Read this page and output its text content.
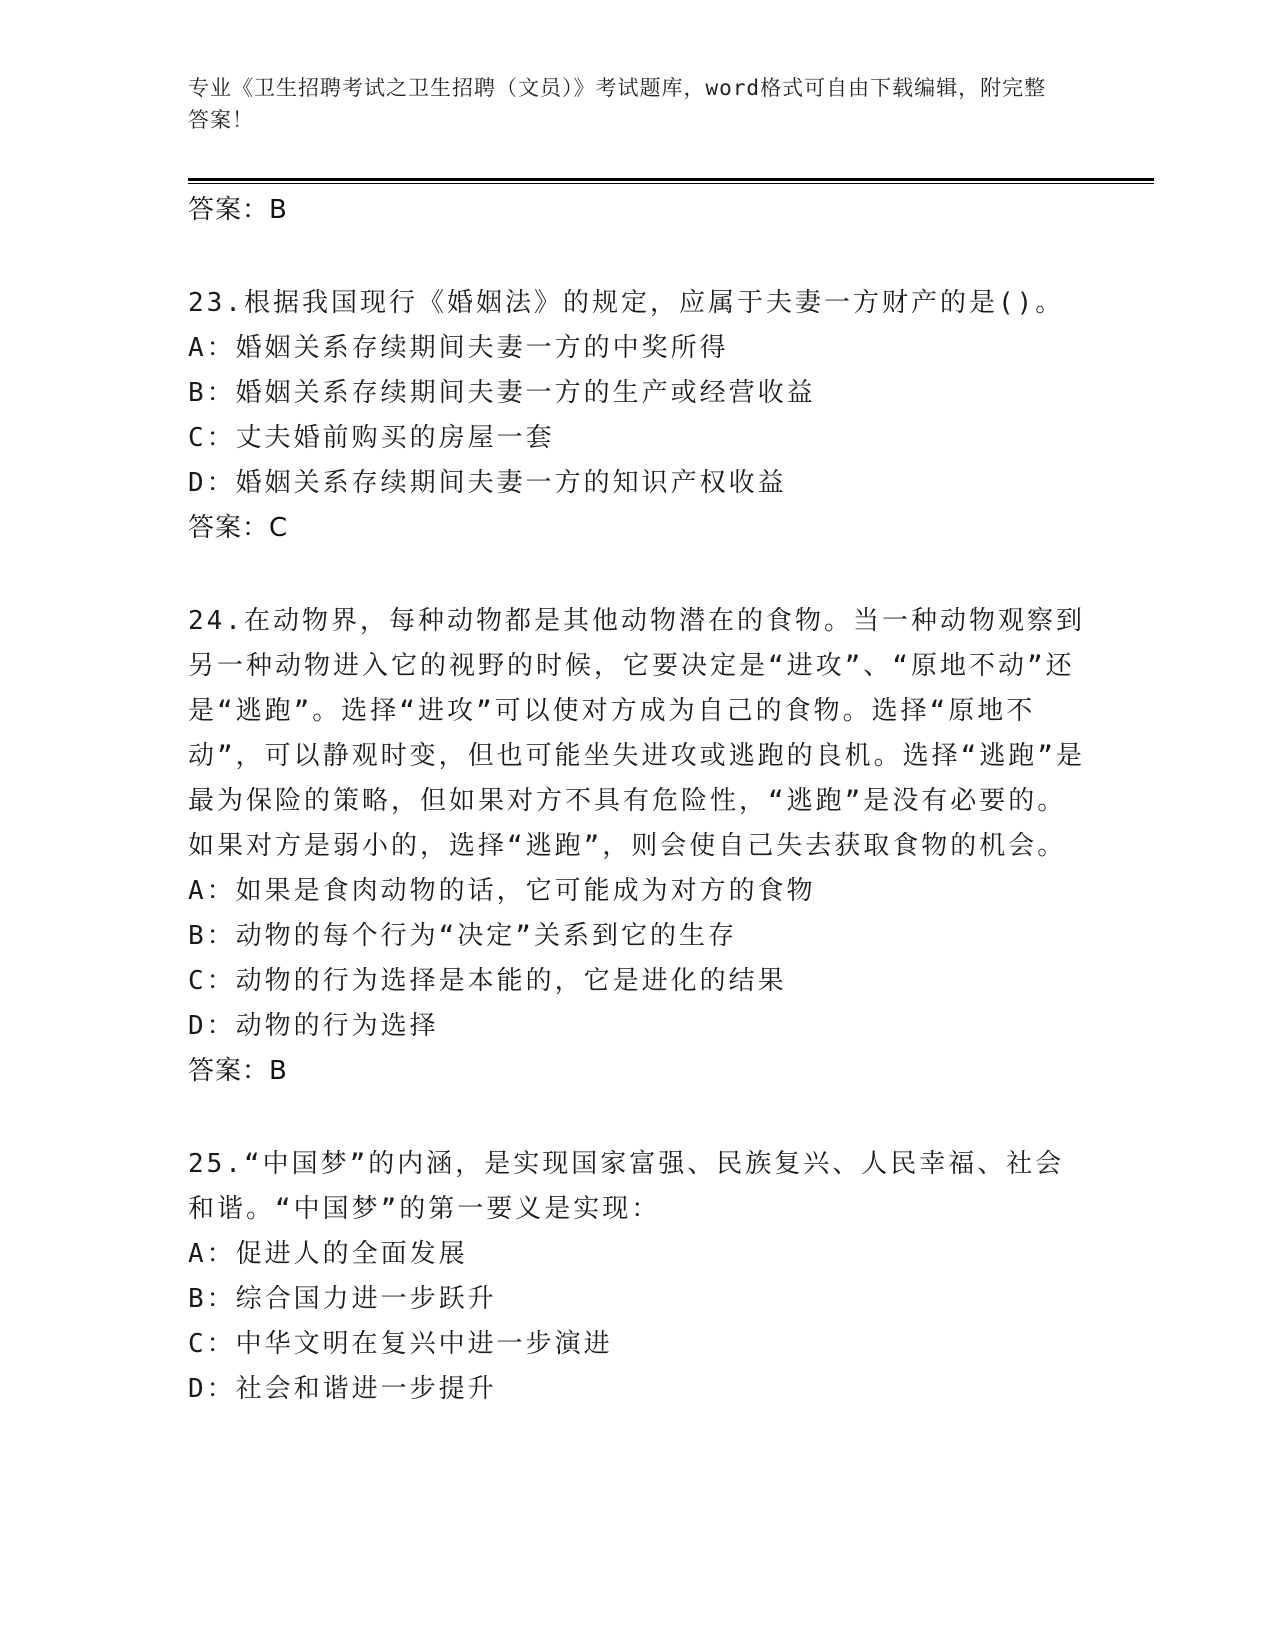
专业《卫生招聘考试之卫生招聘（文员）》考试题库，word格式可自由下载编辑，附完整答案！

答案：B

23.根据我国现行《婚姻法》的规定，应属于夫妻一方财产的是()。

A：婚姻关系存续期间夫妻一方的中奖所得

B：婚姻关系存续期间夫妻一方的生产或经营收益

C：丈夫婚前购买的房屋一套

D：婚姻关系存续期间夫妻一方的知识产权收益

答案：C

24.在动物界，每种动物都是其他动物潜在的食物。当一种动物观察到另一种动物进入它的视野的时候，它要决定是“进攻”、“原地不动”还是“逃跑”。选择“进攻”可以使对方成为自己的食物。选择“原地不动”，可以静观时变，但也可能坐失进攻或逃跑的良机。选择“逃跑”是最为保险的策略，但如果对方不具有危险性，“逃跑”是没有必要的。如果对方是弱小的，选择“逃跑”，则会使自己失去获取食物的机会。

A：如果是食肉动物的话，它可能成为对方的食物

B：动物的每个行为“决定”关系到它的生存

C：动物的行为选择是本能的，它是进化的结果

D：动物的行为选择

答案：B

25.“中国梦”的内涵，是实现国家富强、民族复兴、人民幸福、社会和谐。“中国梦”的第一要义是实现：

A：促进人的全面发展

B：综合国力进一步跃升

C：中华文明在复兴中进一步演进

D：社会和谐进一步提升
